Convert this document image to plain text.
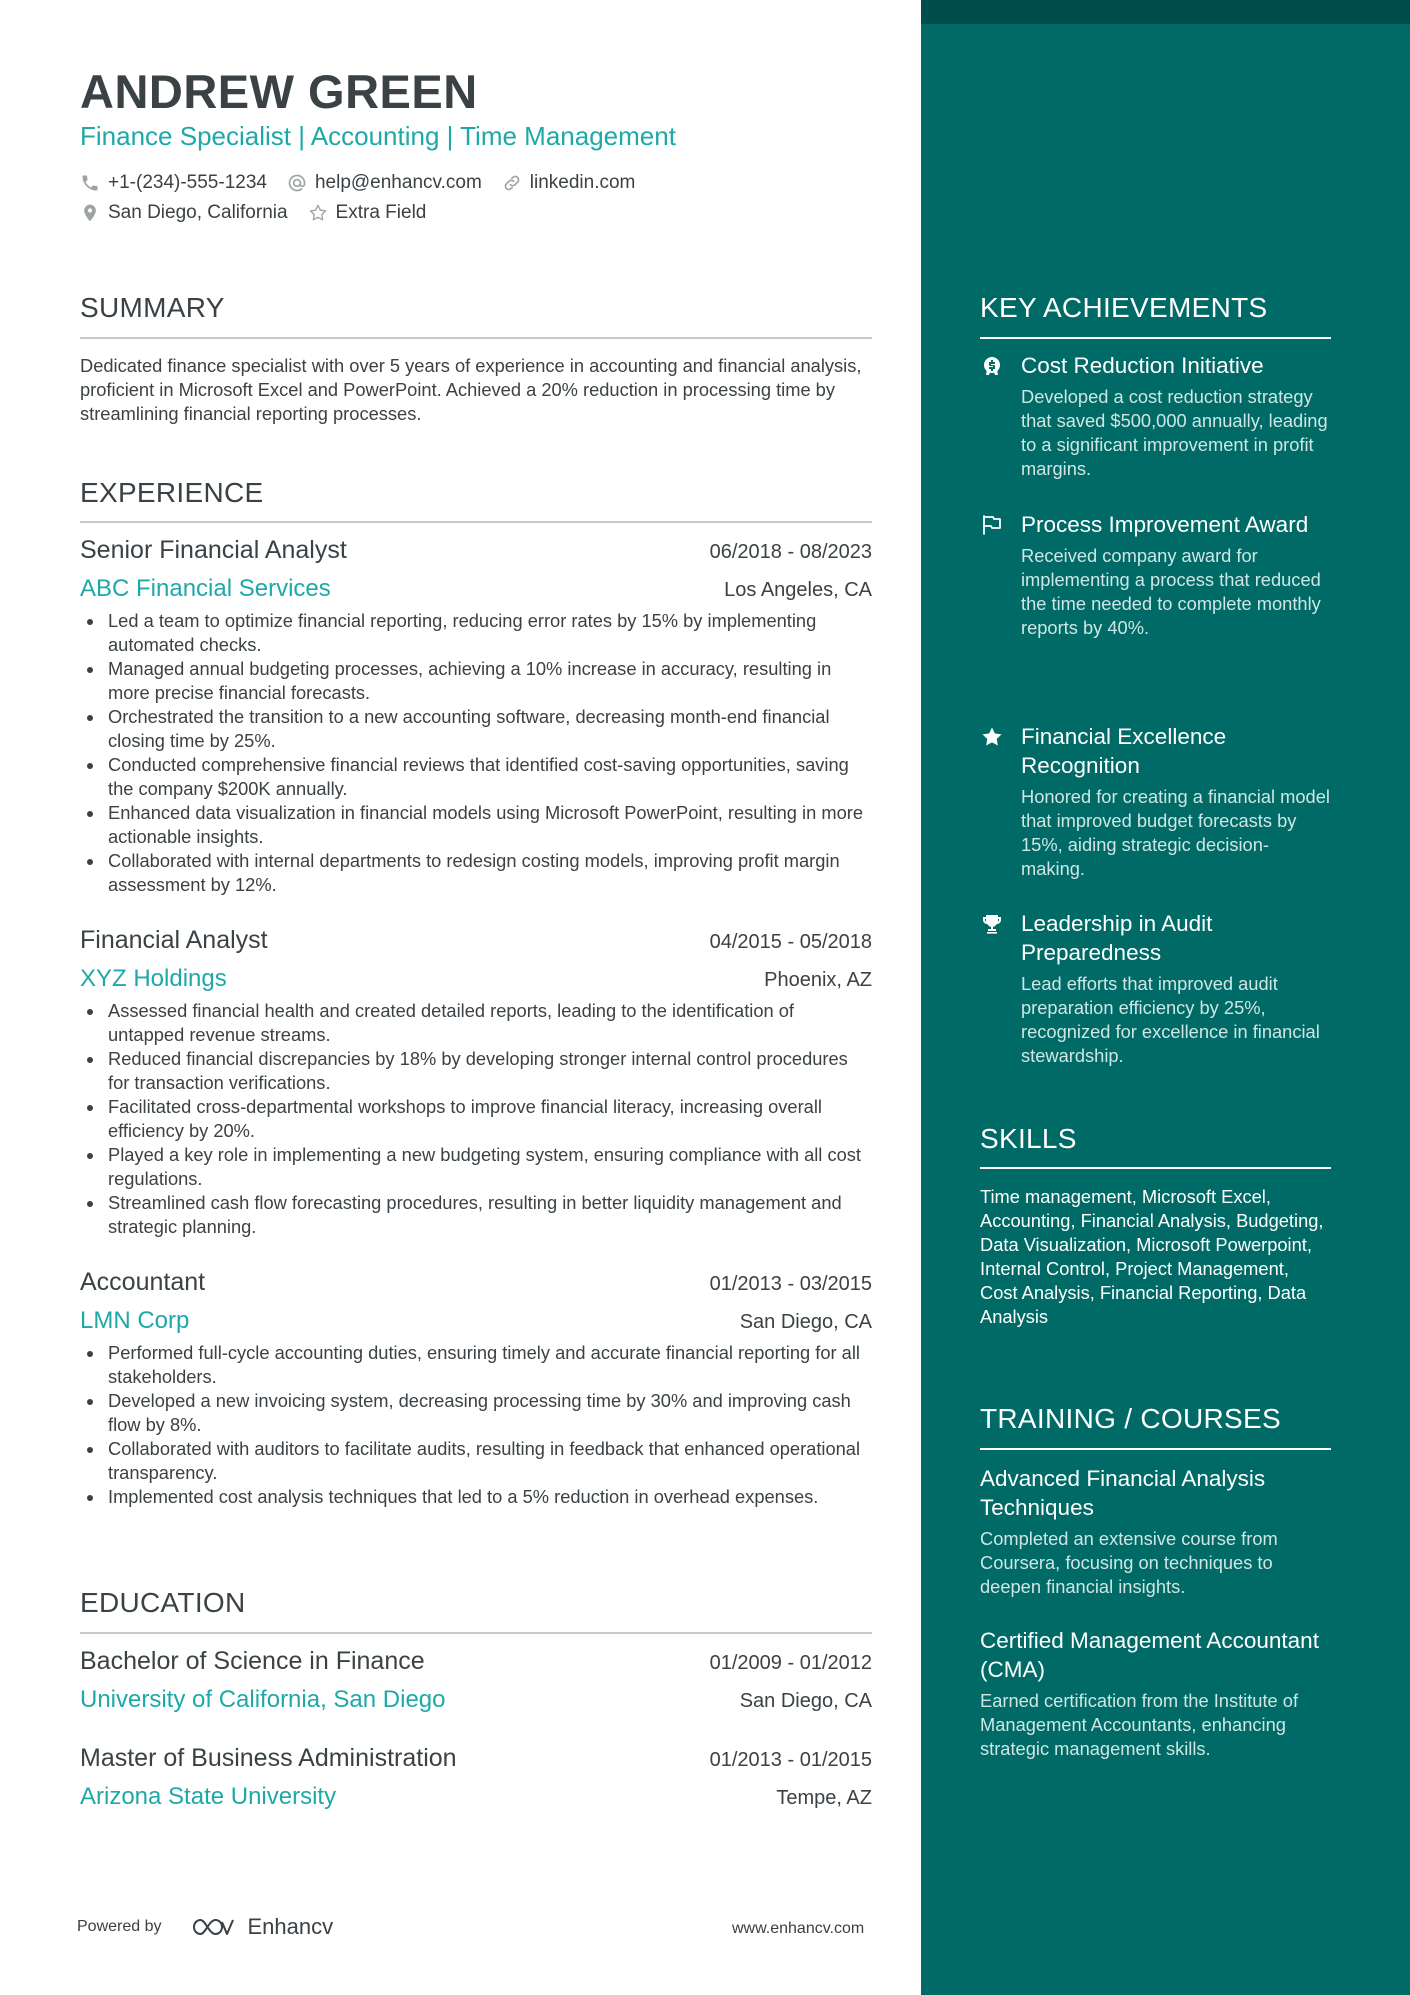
ANDREW GREEN
Finance Specialist | Accounting | Time Management
+1-(234)-555-1234	help@enhancv.com	linkedin.com
San Diego, California	Extra Field
SUMMARY
Dedicated finance specialist with over 5 years of experience in accounting and financial analysis, proficient in Microsoft Excel and PowerPoint. Achieved a 20% reduction in processing time by streamlining financial reporting processes.
EXPERIENCE
Senior Financial Analyst	06/2018 - 08/2023
ABC Financial Services	Los Angeles, CA
Led a team to optimize financial reporting, reducing error rates by 15% by implementing automated checks.
Managed annual budgeting processes, achieving a 10% increase in accuracy, resulting in more precise financial forecasts.
Orchestrated the transition to a new accounting software, decreasing month-end financial closing time by 25%.
Conducted comprehensive financial reviews that identified cost-saving opportunities, saving the company $200K annually.
Enhanced data visualization in financial models using Microsoft PowerPoint, resulting in more actionable insights.
Collaborated with internal departments to redesign costing models, improving profit margin assessment by 12%.
Financial Analyst	04/2015 - 05/2018
XYZ Holdings	Phoenix, AZ
Assessed financial health and created detailed reports, leading to the identification of untapped revenue streams.
Reduced financial discrepancies by 18% by developing stronger internal control procedures for transaction verifications.
Facilitated cross-departmental workshops to improve financial literacy, increasing overall efficiency by 20%.
Played a key role in implementing a new budgeting system, ensuring compliance with all cost regulations.
Streamlined cash flow forecasting procedures, resulting in better liquidity management and strategic planning.
Accountant	01/2013 - 03/2015
LMN Corp	San Diego, CA
Performed full-cycle accounting duties, ensuring timely and accurate financial reporting for all stakeholders.
Developed a new invoicing system, decreasing processing time by 30% and improving cash flow by 8%.
Collaborated with auditors to facilitate audits, resulting in feedback that enhanced operational transparency.
Implemented cost analysis techniques that led to a 5% reduction in overhead expenses.
EDUCATION
Bachelor of Science in Finance	01/2009 - 01/2012
University of California, San Diego	San Diego, CA
Master of Business Administration	01/2013 - 01/2015
Arizona State University	Tempe, AZ
KEY ACHIEVEMENTS
Cost Reduction Initiative
Developed a cost reduction strategy that saved $500,000 annually, leading to a significant improvement in profit margins.
Process Improvement Award
Received company award for implementing a process that reduced the time needed to complete monthly reports by 40%.
Financial Excellence Recognition
Honored for creating a financial model that improved budget forecasts by 15%, aiding strategic decision-making.
Leadership in Audit Preparedness
Lead efforts that improved audit preparation efficiency by 25%, recognized for excellence in financial stewardship.
SKILLS
Time management, Microsoft Excel, Accounting, Financial Analysis, Budgeting, Data Visualization, Microsoft Powerpoint, Internal Control, Project Management, Cost Analysis, Financial Reporting, Data Analysis
TRAINING / COURSES
Advanced Financial Analysis Techniques
Completed an extensive course from Coursera, focusing on techniques to deepen financial insights.
Certified Management Accountant (CMA)
Earned certification from the Institute of Management Accountants, enhancing strategic management skills.
Powered by	Enhancv	www.enhancv.com
